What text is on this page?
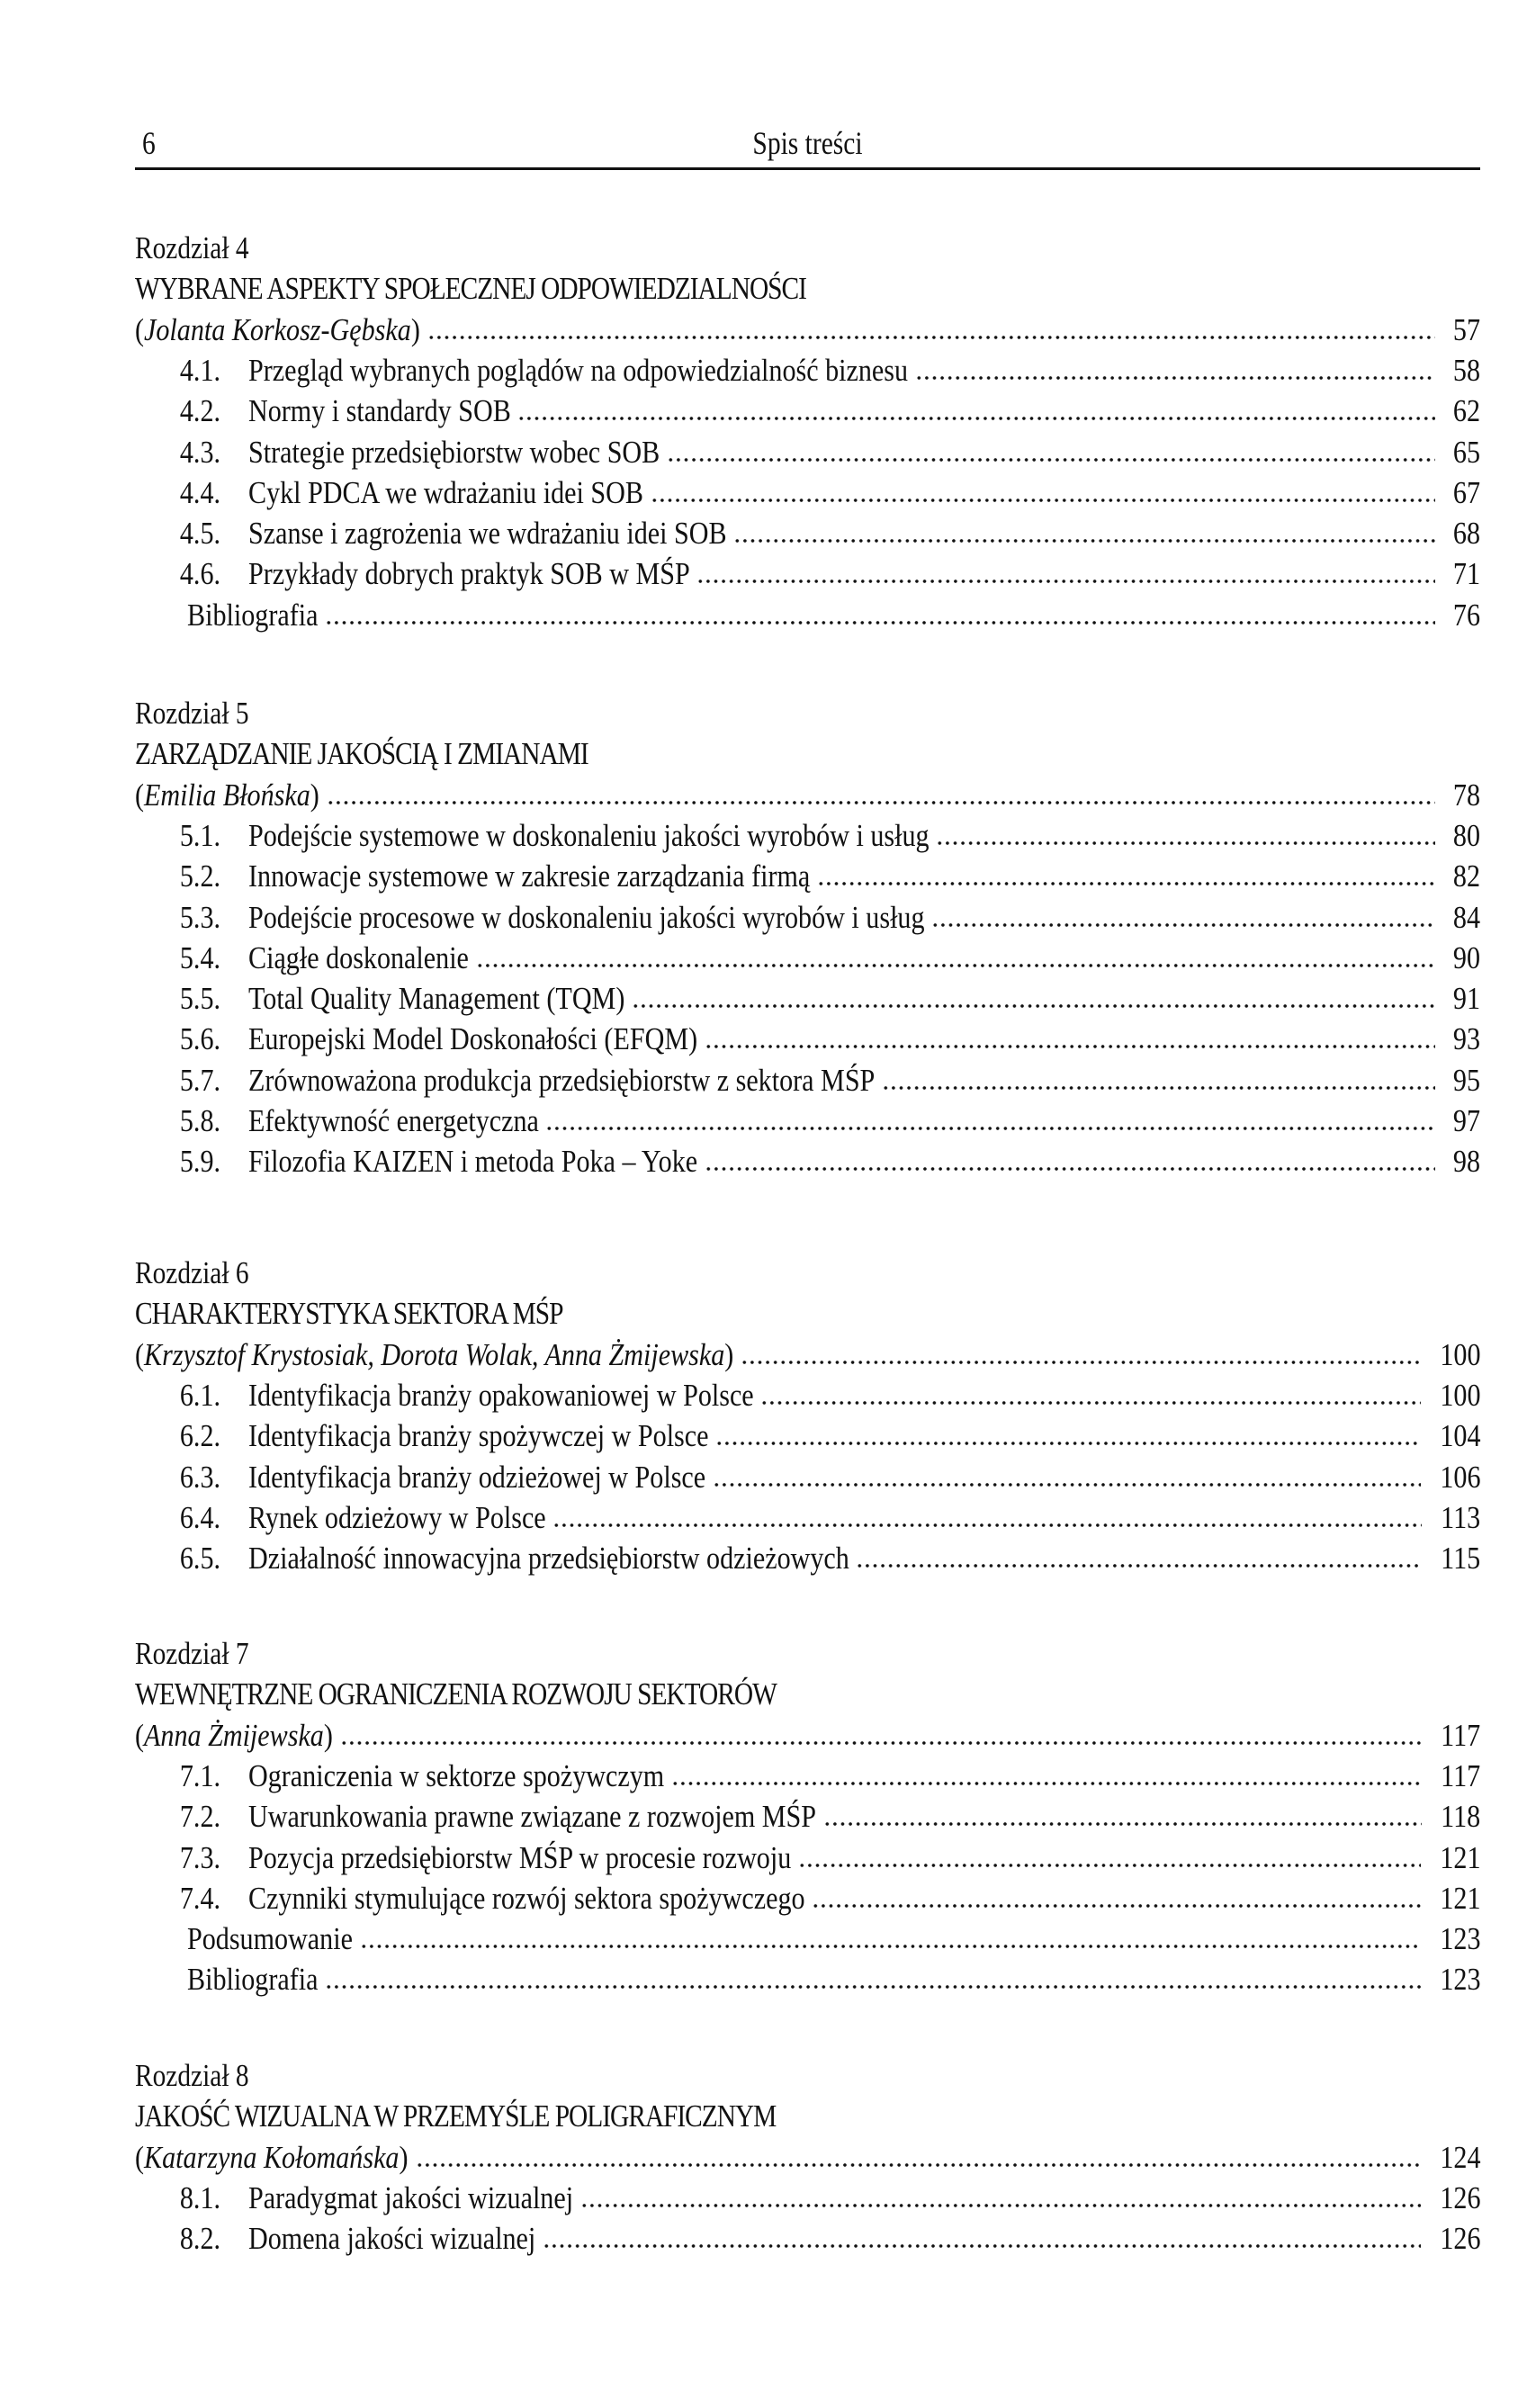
Spis treści
6
Rozdział 4
WYBRANE ASPEKTY SPOŁECZNEJ ODPOWIEDZIALNOŚCI
(Jolanta Korkosz-Gębska)	57
4.1. Przegląd wybranych poglądów na odpowiedzialność biznesu	58
4.2. Normy i standardy SOB	62
4.3. Strategie przedsiębiorstw wobec SOB	65
4.4. Cykl PDCA we wdrażaniu idei SOB	67
4.5. Szanse i zagrożenia we wdrażaniu idei SOB	68
4.6. Przykłady dobrych praktyk SOB w MŚP	71
Bibliografia	76
Rozdział 5
ZARZĄDZANIE JAKOŚCIĄ I ZMIANAMI
(Emilia Błońska)	78
5.1. Podejście systemowe w doskonaleniu jakości wyrobów i usług	80
5.2. Innowacje systemowe w zakresie zarządzania firmą	82
5.3. Podejście procesowe w doskonaleniu jakości wyrobów i usług	84
5.4. Ciągłe doskonalenie	90
5.5. Total Quality Management (TQM)	91
5.6. Europejski Model Doskonałości (EFQM)	93
5.7. Zrównoważona produkcja przedsiębiorstw z sektora MŚP	95
5.8. Efektywność energetyczna	97
5.9. Filozofia KAIZEN i metoda Poka – Yoke	98
Rozdział 6
CHARAKTERYSTYKA SEKTORA MŚP
(Krzysztof Krystosiak, Dorota Wolak, Anna Żmijewska)	100
6.1. Identyfikacja branży opakowaniowej w Polsce	100
6.2. Identyfikacja branży spożywczej w Polsce	104
6.3. Identyfikacja branży odzieżowej w Polsce	106
6.4. Rynek odzieżowy w Polsce	113
6.5. Działalność innowacyjna przedsiębiorstw odzieżowych	115
Rozdział 7
WEWNĘTRZNE OGRANICZENIA ROZWOJU SEKTORÓW
(Anna Żmijewska)	117
7.1. Ograniczenia w sektorze spożywczym	117
7.2. Uwarunkowania prawne związane z rozwojem MŚP	118
7.3. Pozycja przedsiębiorstw MŚP w procesie rozwoju	121
7.4. Czynniki stymulujące rozwój sektora spożywczego	121
Podsumowanie	123
Bibliografia	123
Rozdział 8
JAKOŚĆ WIZUALNA W PRZEMYŚLE POLIGRAFICZNYM
(Katarzyna Kołomańska)	124
8.1. Paradygmat jakości wizualnej	126
8.2. Domena jakości wizualnej	126
